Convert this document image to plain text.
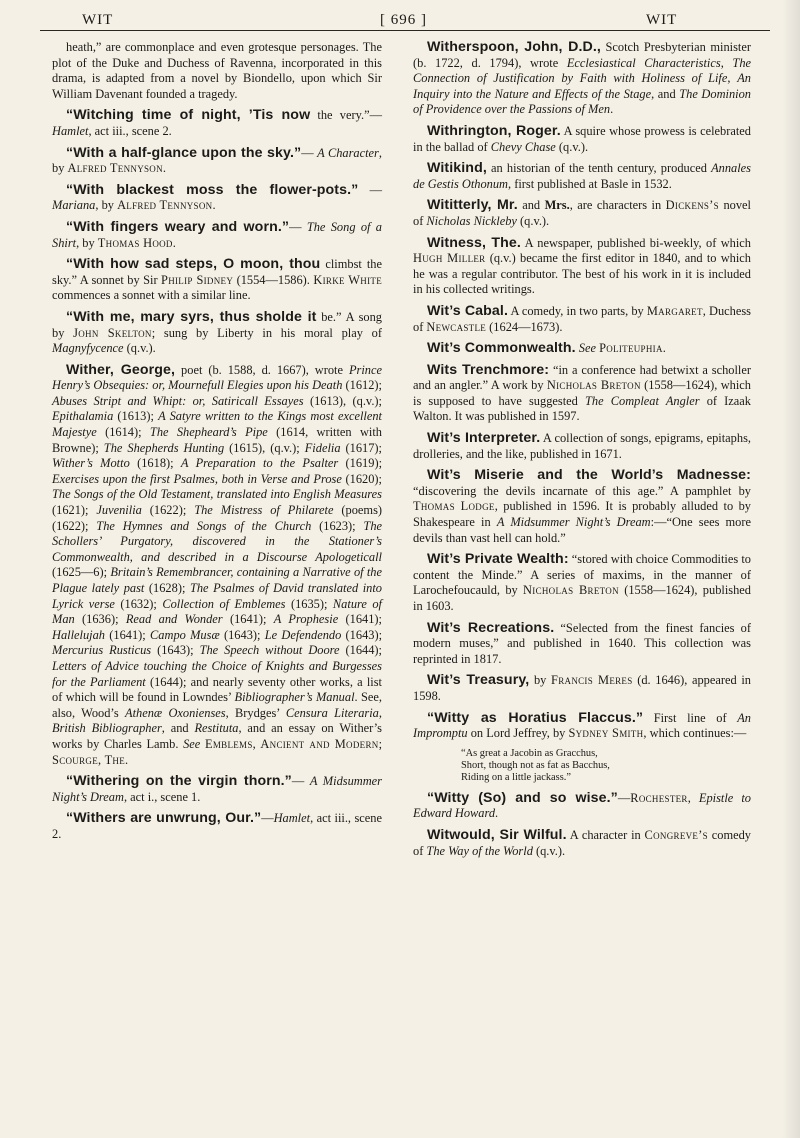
WIT	[ 696 ]	WIT

heath,” are commonplace and even grotesque personages. The plot of the Duke and Duchess of Ravenna, incorporated in this drama, is adapted from a novel by Biondello, upon which Sir William Davenant founded a tragedy.

“Witching time of night, ’Tis now the very.”—Hamlet, act iii., scene 2.

“With a half-glance upon the sky.”— A Character, by Alfred Tennyson.

“With blackest moss the flower-pots.” —Mariana, by Alfred Tennyson.

“With fingers weary and worn.”— The Song of a Shirt, by Thomas Hood.

“With how sad steps, O moon, thou climbst the sky.” A sonnet by Sir Philip Sidney (1554—1586). Kirke White commences a sonnet with a similar line.

“With me, mary syrs, thus sholde it be.” A song by John Skelton; sung by Liberty in his moral play of Magnyfycence (q.v.).

Wither, George, poet (b. 1588, d. 1667), wrote Prince Henry’s Obsequies: or, Mournefull Elegies upon his Death (1612); Abuses Stript and Whipt: or, Satiricall Essayes (1613), (q.v.); Epithalamia (1613); A Satyre written to the Kings most excellent Majestye (1614); The Shepheard’s Pipe (1614, written with Browne); The Shepherds Hunting (1615), (q.v.); Fidelia (1617); Wither’s Motto (1618); A Preparation to the Psalter (1619); Exercises upon the first Psalmes, both in Verse and Prose (1620); The Songs of the Old Testament, translated into English Measures (1621); Juvenilia (1622); The Mistress of Philarete (poems) (1622); The Hymnes and Songs of the Church (1623); The Schollers’ Purgatory, discovered in the Stationer’s Commonwealth, and described in a Discourse Apologeticall (1625—6); Britain’s Remembrancer, containing a Narrative of the Plague lately past (1628); The Psalmes of David translated into Lyrick verse (1632); Collection of Emblemes (1635); Nature of Man (1636); Read and Wonder (1641); A Prophesie (1641); Hallelujah (1641); Campo Musæ (1643); Le Defendendo (1643); Mercurius Rusticus (1643); The Speech without Doore (1644); Letters of Advice touching the Choice of Knights and Burgesses for the Parliament (1644); and nearly seventy other works, a list of which will be found in Lowndes’ Bibliographer’s Manual. See, also, Wood’s Athenæ Oxonienses, Brydges’ Censura Literaria, British Bibliographer, and Restituta, and an essay on Wither’s works by Charles Lamb. See Emblems, Ancient and Modern; Scourge, The.

“Withering on the virgin thorn.”— A Midsummer Night’s Dream, act i., scene 1.

“Withers are unwrung, Our.”—Hamlet, act iii., scene 2.

Witherspoon, John, D.D., Scotch Presbyterian minister (b. 1722, d. 1794), wrote Ecclesiastical Characteristics, The Connection of Justification by Faith with Holiness of Life, An Inquiry into the Nature and Effects of the Stage, and The Dominion of Providence over the Passions of Men.

Withrington, Roger. A squire whose prowess is celebrated in the ballad of Chevy Chase (q.v.).

Witikind, an historian of the tenth century, produced Annales de Gestis Othonum, first published at Basle in 1532.

Wititterly, Mr. and Mrs., are characters in Dickens’s novel of Nicholas Nickleby (q.v.).

Witness, The. A newspaper, published bi-weekly, of which Hugh Miller (q.v.) became the first editor in 1840, and to which he was a regular contributor. The best of his work in it is included in his collected writings.

Wit’s Cabal. A comedy, in two parts, by Margaret, Duchess of Newcastle (1624—1673).

Wit’s Commonwealth. See Politeuphia.

Wits Trenchmore: “in a conference had betwixt a scholler and an angler.” A work by Nicholas Breton (1558—1624), which is supposed to have suggested The Compleat Angler of Izaak Walton. It was published in 1597.

Wit’s Interpreter. A collection of songs, epigrams, epitaphs, drolleries, and the like, published in 1671.

Wit’s Miserie and the World’s Madnesse: “discovering the devils incarnate of this age.” A pamphlet by Thomas Lodge, published in 1596. It is probably alluded to by Shakespeare in A Midsummer Night’s Dream:—“One sees more devils than vast hell can hold.”

Wit’s Private Wealth: “stored with choice Commodities to content the Minde.” A series of maxims, in the manner of Larochefoucauld, by Nicholas Breton (1558—1624), published in 1603.

Wit’s Recreations. “Selected from the finest fancies of modern muses,” and published in 1640. This collection was reprinted in 1817.

Wit’s Treasury, by Francis Meres (d. 1646), appeared in 1598.

“Witty as Horatius Flaccus.” First line of An Impromptu on Lord Jeffrey, by Sydney Smith, which continues:—

“As great a Jacobin as Gracchus,
Short, though not as fat as Bacchus,
Riding on a little jackass.”

“Witty (So) and so wise.”—Rochester, Epistle to Edward Howard.

Witwould, Sir Wilful. A character in Congreve’s comedy of The Way of the World (q.v.).
